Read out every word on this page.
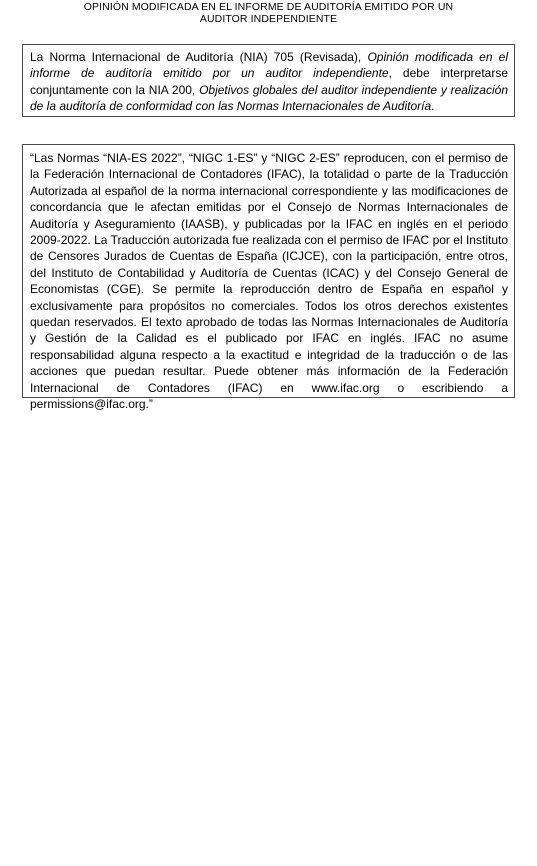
OPINIÓN MODIFICADA EN EL INFORME DE AUDITORÍA EMITIDO POR UN
AUDITOR INDEPENDIENTE
La Norma Internacional de Auditoría (NIA) 705 (Revisada), Opinión modificada en el informe de auditoría emitido por un auditor independiente, debe interpretarse conjuntamente con la NIA 200, Objetivos globales del auditor independiente y realización de la auditoría de conformidad con las Normas Internacionales de Auditoría.
“Las Normas “NIA-ES 2022”, “NIGC 1-ES” y “NIGC 2-ES” reproducen, con el permiso de la Federación Internacional de Contadores (IFAC), la totalidad o parte de la Traducción Autorizada al español de la norma internacional correspondiente y las modificaciones de concordancia que le afectan emitidas por el Consejo de Normas Internacionales de Auditoría y Aseguramiento (IAASB), y publicadas por la IFAC en inglés en el periodo 2009-2022. La Traducción autorizada fue realizada con el permiso de IFAC por el Instituto de Censores Jurados de Cuentas de España (ICJCE), con la participación, entre otros, del Instituto de Contabilidad y Auditoría de Cuentas (ICAC) y del Consejo General de Economistas (CGE). Se permite la reproducción dentro de España en español y exclusivamente para propósitos no comerciales. Todos los otros derechos existentes quedan reservados. El texto aprobado de todas las Normas Internacionales de Auditoría y Gestión de la Calidad es el publicado por IFAC en inglés. IFAC no asume responsabilidad alguna respecto a la exactitud e integridad de la traducción o de las acciones que puedan resultar. Puede obtener más información de la Federación Internacional de Contadores (IFAC) en www.ifac.org o escribiendo a permissions@ifac.org.”
